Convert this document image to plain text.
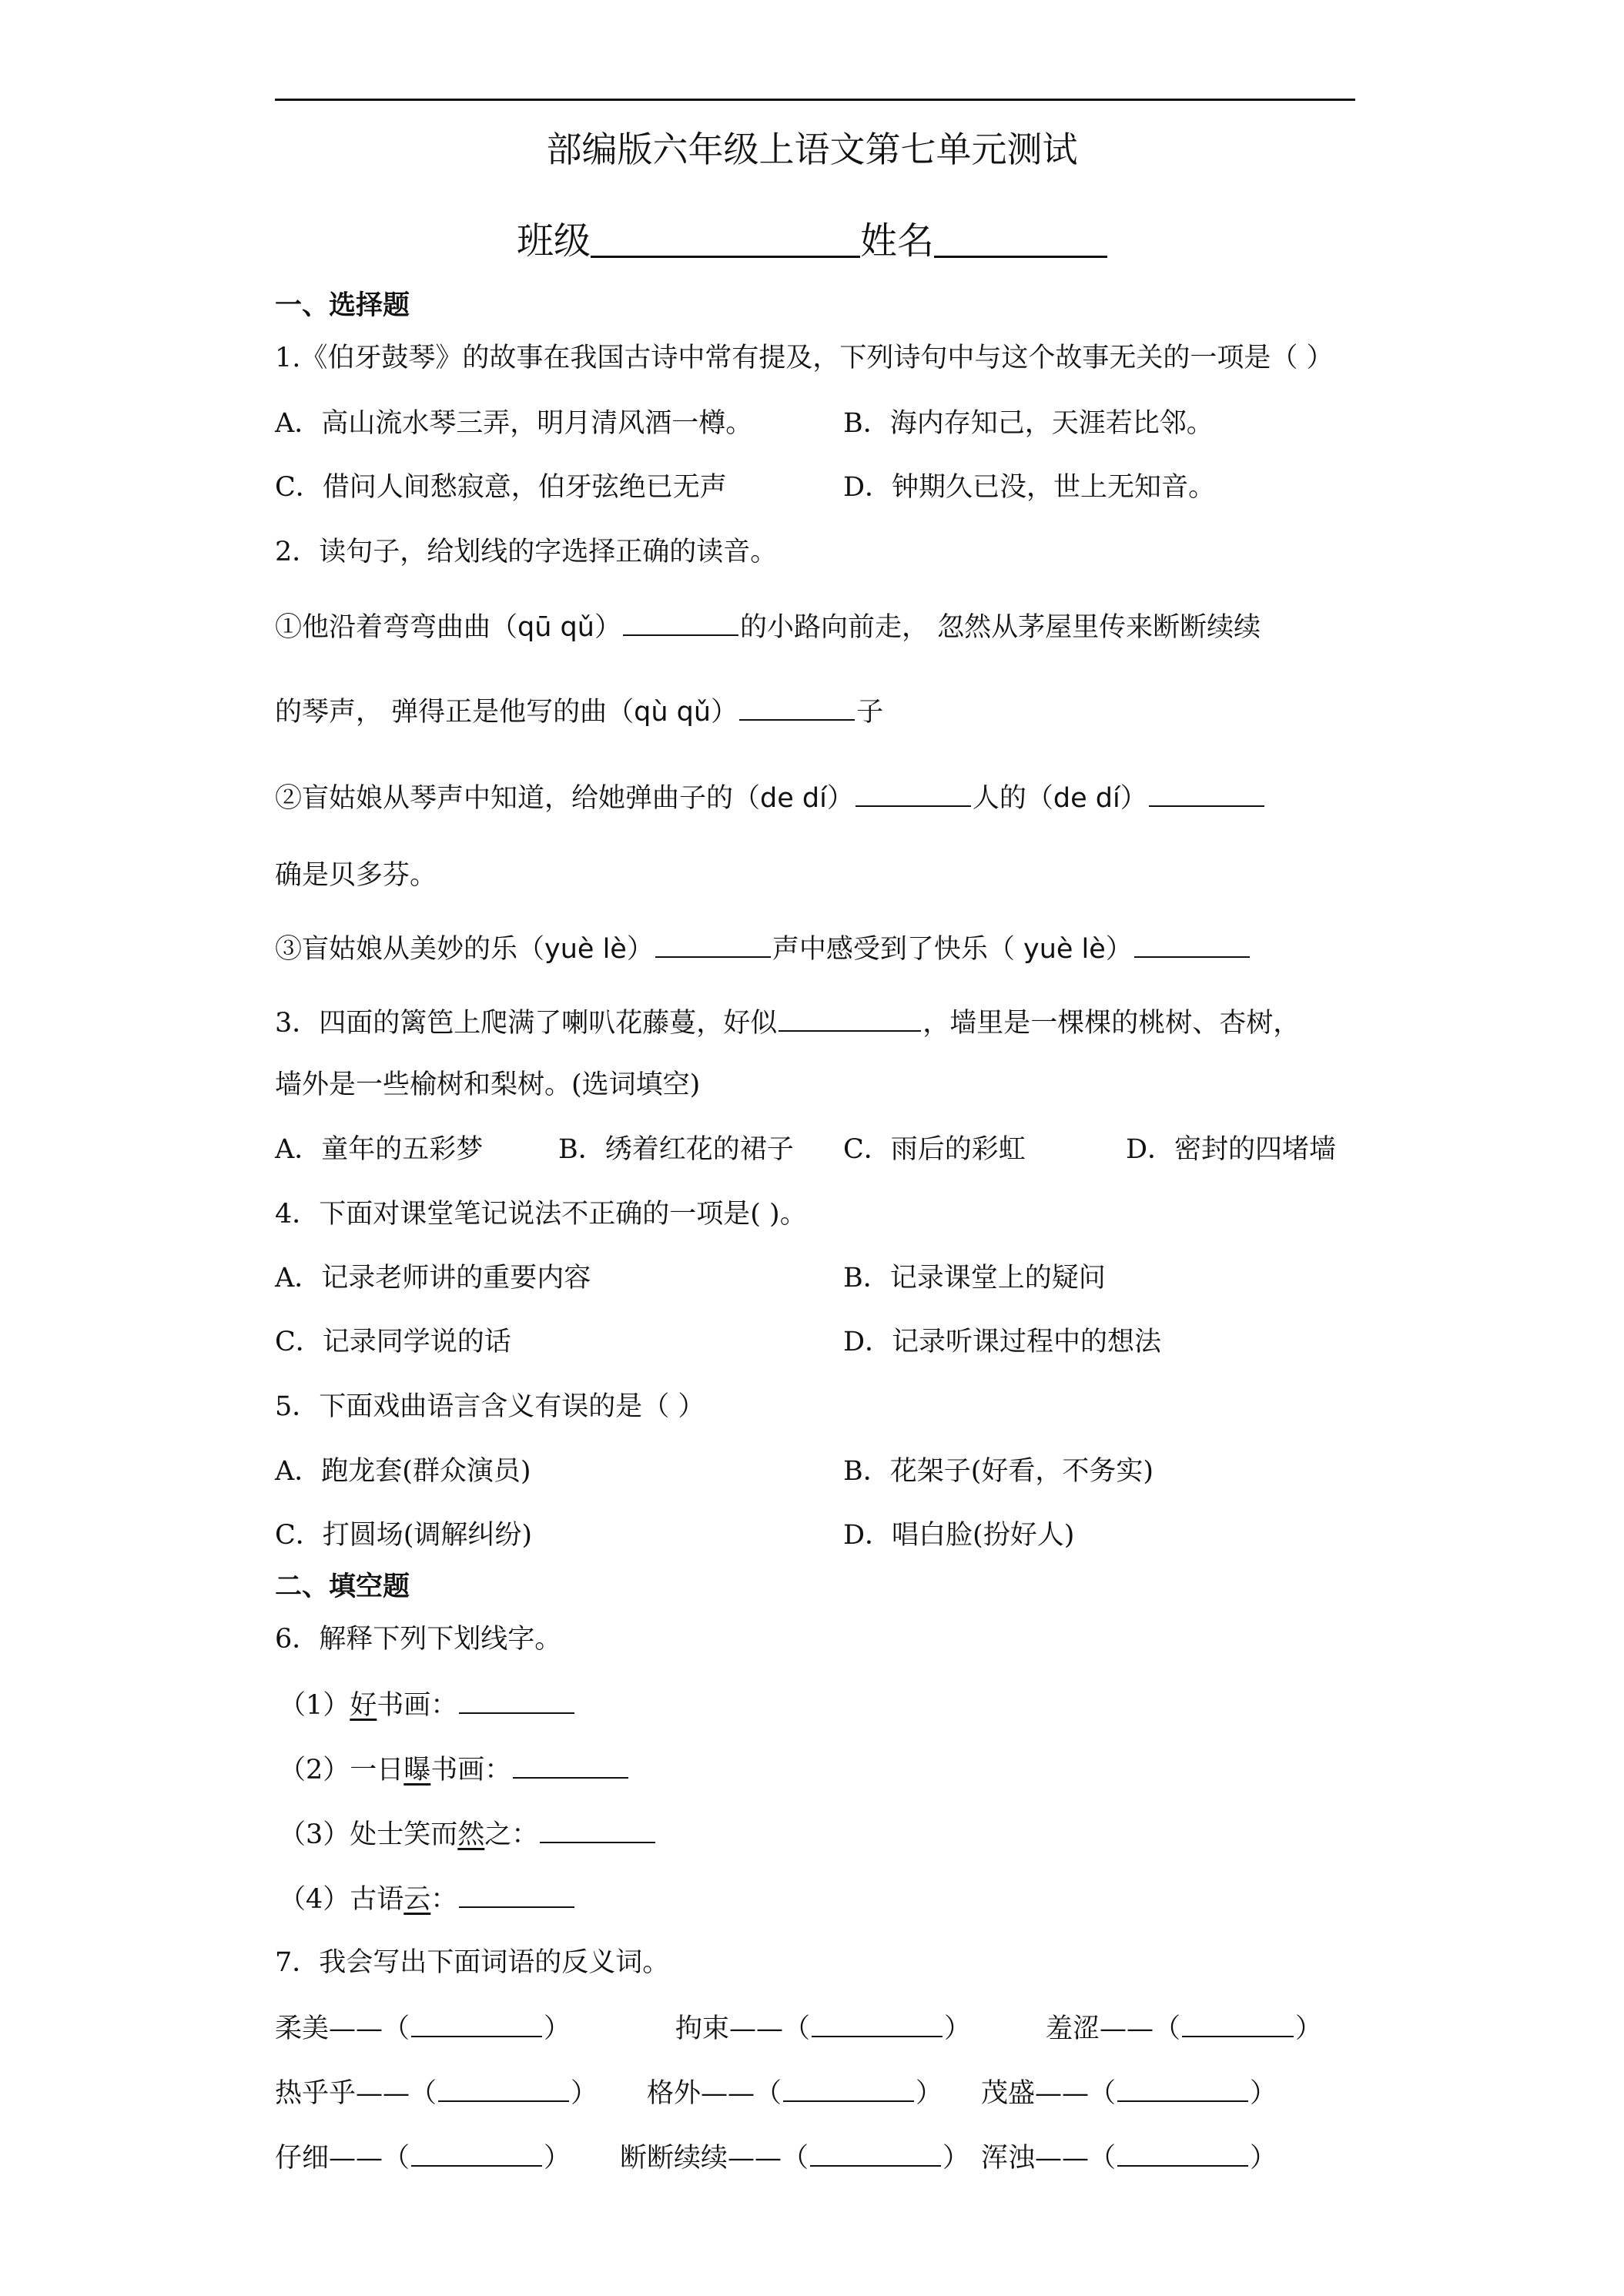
部编版六年级上语文第七单元测试
班级	姓名
一、选择题
1.《伯牙鼓琴》的故事在我国古诗中常有提及，下列诗句中与这个故事无关的一项是（ ）
A．高山流水琴三弄，明月清风酒一樽。	B．海内存知己，天涯若比邻。
C．借问人间愁寂意，伯牙弦绝已无声	D．钟期久已没，世上无知音。
2．读句子，给划线的字选择正确的读音。
①他沿着弯弯曲曲（qū qǔ）	的小路向前走， 忽然从茅屋里传来断断续续
的琴声， 弹得正是他写的曲（qù qǔ）	子
②盲姑娘从琴声中知道，给她弹曲子的（de dí）	人的（de dí）
确是贝多芬。
③盲姑娘从美妙的乐（yuè lè）	声中感受到了快乐（ yuè lè）
3．四面的篱笆上爬满了喇叭花藤蔓，好似	，墙里是一棵棵的桃树、杏树，
墙外是一些榆树和梨树。(选词填空)
A．童年的五彩梦	B．绣着红花的裙子 C．雨后的彩虹	D．密封的四堵墙
4．下面对课堂笔记说法不正确的一项是( )。
A．记录老师讲的重要内容	B．记录课堂上的疑问
C．记录同学说的话	D．记录听课过程中的想法
5．下面戏曲语言含义有误的是（ ）
A．跑龙套(群众演员)	B．花架子(好看，不务实)
C．打圆场(调解纠纷)	D．唱白脸(扮好人)
二、填空题
6．解释下列下划线字。
（1）好书画：
（2）一日曝书画：
（3）处士笑而然之：
（4）古语云：
7．我会写出下面词语的反义词。
柔美——（	）	拘束——（	）	羞涩——（	）
热乎乎——（	） 格外——（	） 茂盛——（	）
仔细——（	） 断断续续——（	） 浑浊——（	）
